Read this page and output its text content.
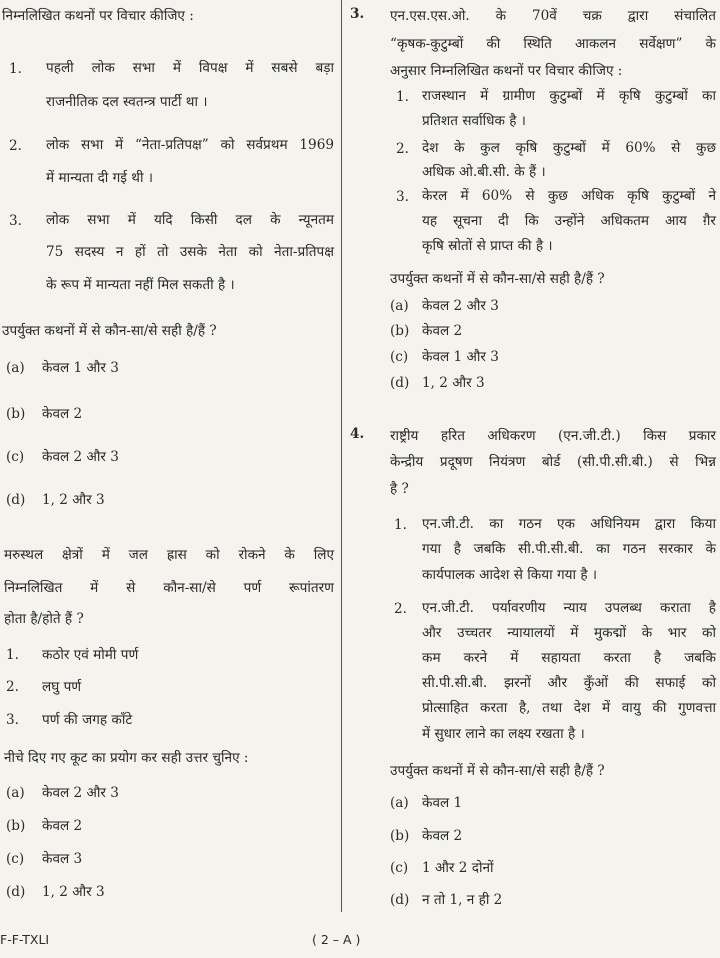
निम्नलिखित कथनों पर विचार कीजिए :
1. पहली लोक सभा में विपक्ष में सबसे बड़ा
राजनीतिक दल स्वतन्त्र पार्टी था ।
2. लोक सभा में “नेता-प्रतिपक्ष” को सर्वप्रथम 1969
में मान्यता दी गई थी ।
3. लोक सभा में यदि किसी दल के न्यूनतम
75 सदस्य न हों तो उसके नेता को नेता-प्रतिपक्ष
के रूप में मान्यता नहीं मिल सकती है ।
उपर्युक्त कथनों में से कौन-सा/से सही है/हैं ?
(a) केवल 1 और 3
(b) केवल 2
(c) केवल 2 और 3
(d) 1, 2 और 3
मरुस्थल क्षेत्रों में जल ह्रास को रोकने के लिए
निम्नलिखित में से कौन-सा/से पर्ण रूपांतरण
होता है/होते हैं ?
1. कठोर एवं मोमी पर्ण
2. लघु पर्ण
3. पर्ण की जगह काँटे
नीचे दिए गए कूट का प्रयोग कर सही उत्तर चुनिए :
(a) केवल 2 और 3
(b) केवल 2
(c) केवल 3
(d) 1, 2 और 3
3. एन.एस.एस.ओ. के 70वें चक्र द्वारा संचालित
“कृषक-कुटुम्बों की स्थिति आकलन सर्वेक्षण” के
अनुसार निम्नलिखित कथनों पर विचार कीजिए :
1. राजस्थान में ग्रामीण कुटुम्बों में कृषि कुटुम्बों का
प्रतिशत सर्वाधिक है ।
2. देश के कुल कृषि कुटुम्बों में 60% से कुछ
अधिक ओ.बी.सी. के हैं ।
3. केरल में 60% से कुछ अधिक कृषि कुटुम्बों ने
यह सूचना दी कि उन्होंने अधिकतम आय ग़ैर
कृषि स्रोतों से प्राप्त की है ।
उपर्युक्त कथनों में से कौन-सा/से सही है/हैं ?
(a) केवल 2 और 3
(b) केवल 2
(c) केवल 1 और 3
(d) 1, 2 और 3
4. राष्ट्रीय हरित अधिकरण (एन.जी.टी.) किस प्रकार
केन्द्रीय प्रदूषण नियंत्रण बोर्ड (सी.पी.सी.बी.) से भिन्न
है ?
1. एन.जी.टी. का गठन एक अधिनियम द्वारा किया
गया है जबकि सी.पी.सी.बी. का गठन सरकार के
कार्यपालक आदेश से किया गया है ।
2. एन.जी.टी. पर्यावरणीय न्याय उपलब्ध कराता है
और उच्चतर न्यायालयों में मुकद्मों के भार को
कम करने में सहायता करता है जबकि
सी.पी.सी.बी. झरनों और कुँओं की सफाई को
प्रोत्साहित करता है, तथा देश में वायु की गुणवत्ता
में सुधार लाने का लक्ष्य रखता है ।
उपर्युक्त कथनों में से कौन-सा/से सही है/हैं ?
(a) केवल 1
(b) केवल 2
(c) 1 और 2 दोनों
(d) न तो 1, न ही 2
F-F-TXLI	( 2 – A )
